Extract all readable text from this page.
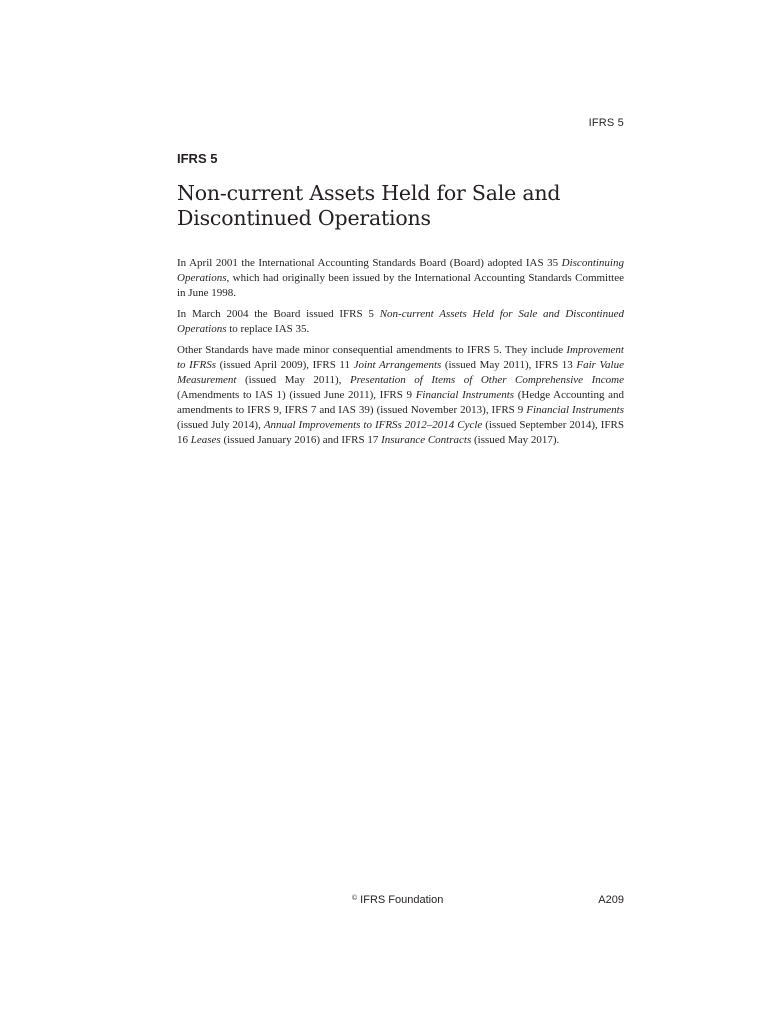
IFRS 5
IFRS 5
Non-current Assets Held for Sale and
Discontinued Operations

In April 2001 the International Accounting Standards Board (Board) adopted IAS 35 Discontinuing Operations, which had originally been issued by the International Accounting Standards Committee in June 1998.

In March 2004 the Board issued IFRS 5 Non-current Assets Held for Sale and Discontinued Operations to replace IAS 35.

Other Standards have made minor consequential amendments to IFRS 5. They include Improvement to IFRSs (issued April 2009), IFRS 11 Joint Arrangements (issued May 2011), IFRS 13 Fair Value Measurement (issued May 2011), Presentation of Items of Other Comprehensive Income (Amendments to IAS 1) (issued June 2011), IFRS 9 Financial Instruments (Hedge Accounting and amendments to IFRS 9, IFRS 7 and IAS 39) (issued November 2013), IFRS 9 Financial Instruments (issued July 2014), Annual Improvements to IFRSs 2012–2014 Cycle (issued September 2014), IFRS 16 Leases (issued January 2016) and IFRS 17 Insurance Contracts (issued May 2017).

© IFRS Foundation	A209
